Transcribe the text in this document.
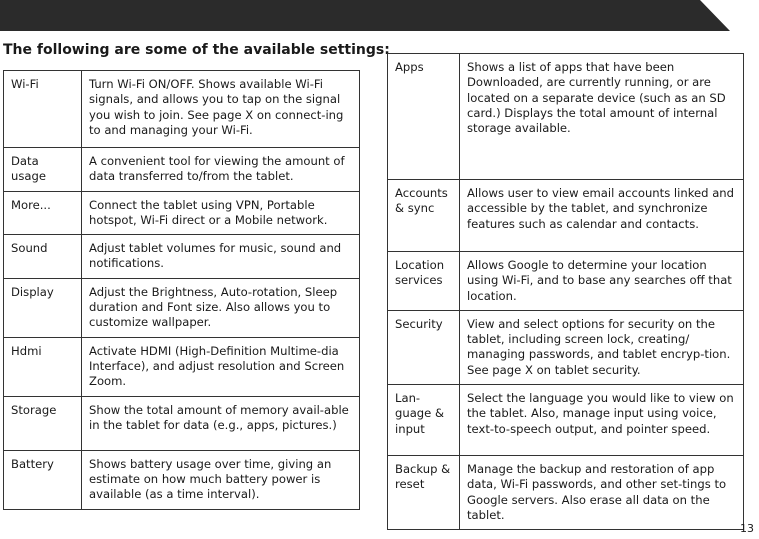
The following are some of the available settings:
Wi-Fi	Turn Wi-Fi ON/OFF. Shows available Wi-Fi signals, and allows you to tap on the signal you wish to join. See page X on connect-ing to and managing your Wi-Fi.
Data usage	A convenient tool for viewing the amount of data transferred to/from the tablet.
More...	Connect the tablet using VPN, Portable hotspot, Wi-Fi direct or a Mobile network.
Sound	Adjust tablet volumes for music, sound and notifications.
Display	Adjust the Brightness, Auto-rotation, Sleep duration and Font size. Also allows you to customize wallpaper.
Hdmi	Activate HDMI (High-Definition Multime-dia Interface), and adjust resolution and Screen Zoom.
Storage	Show the total amount of memory avail-able in the tablet for data (e.g., apps, pictures.)
Battery	Shows battery usage over time, giving an estimate on how much battery power is available (as a time interval).
Apps	Shows a list of apps that have been Downloaded, are currently running, or are located on a separate device (such as an SD card.) Displays the total amount of internal storage available.
Accounts & sync	Allows user to view email accounts linked and accessible by the tablet, and synchronize features such as calendar and contacts.
Location services	Allows Google to determine your location using Wi-Fi, and to base any searches off that location.
Security	View and select options for security on the tablet, including screen lock, creating/ managing passwords, and tablet encryp-tion. See page X on tablet security.
Lan-guage & input	Select the language you would like to view on the tablet. Also, manage input using voice, text-to-speech output, and pointer speed.
Backup & reset	Manage the backup and restoration of app data, Wi-Fi passwords, and other set-tings to Google servers. Also erase all data on the tablet.
13
